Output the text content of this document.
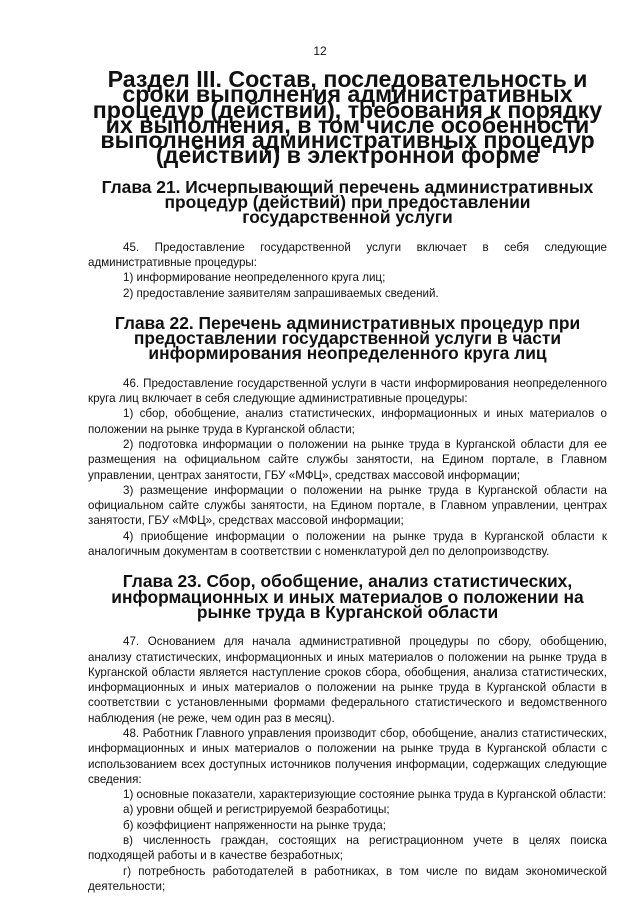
12
Раздел III. Состав, последовательность и сроки выполнения административных процедур (действий), требования к порядку их выполнения, в том числе особенности выполнения административных процедур (действий) в электронной форме
Глава 21. Исчерпывающий перечень административных процедур (действий) при предоставлении государственной услуги

45. Предоставление государственной услуги включает в себя следующие административные процедуры:

1) информирование неопределенного круга лиц;

2) предоставление заявителям запрашиваемых сведений.

Глава 22. Перечень административных процедур при предоставлении государственной услуги в части информирования неопределенного круга лиц

46. Предоставление государственной услуги в части информирования неопределенного круга лиц включает в себя следующие административные процедуры:

1) сбор, обобщение, анализ статистических, информационных и иных материалов о положении на рынке труда в Курганской области;

2) подготовка информации о положении на рынке труда в Курганской области для ее размещения на официальном сайте службы занятости, на Едином портале, в Главном управлении, центрах занятости, ГБУ «МФЦ», средствах массовой информации;

3) размещение информации о положении на рынке труда в Курганской области на официальном сайте службы занятости, на Едином портале, в Главном управлении, центрах занятости, ГБУ «МФЦ», средствах массовой информации;

4) приобщение информации о положении на рынке труда в Курганской области к аналогичным документам в соответствии с номенклатурой дел по делопроизводству.

Глава 23. Сбор, обобщение, анализ статистических, информационных и иных материалов о положении на рынке труда в Курганской области

47. Основанием для начала административной процедуры по сбору, обобщению, анализу статистических, информационных и иных материалов о положении на рынке труда в Курганской области является наступление сроков сбора, обобщения, анализа статистических, информационных и иных материалов о положении на рынке труда в Курганской области в соответствии с установленными формами федерального статистического и ведомственного наблюдения (не реже, чем один раз в месяц).

48. Работник Главного управления производит сбор, обобщение, анализ статистических, информационных и иных материалов о положении на рынке труда в Курганской области с использованием всех доступных источников получения информации, содержащих следующие сведения:

1) основные показатели, характеризующие состояние рынка труда в Курганской области:

а) уровни общей и регистрируемой безработицы;

б) коэффициент напряженности на рынке труда;

в) численность граждан, состоящих на регистрационном учете в целях поиска подходящей работы и в качестве безработных;

г) потребность работодателей в работниках, в том числе по видам экономической деятельности;
